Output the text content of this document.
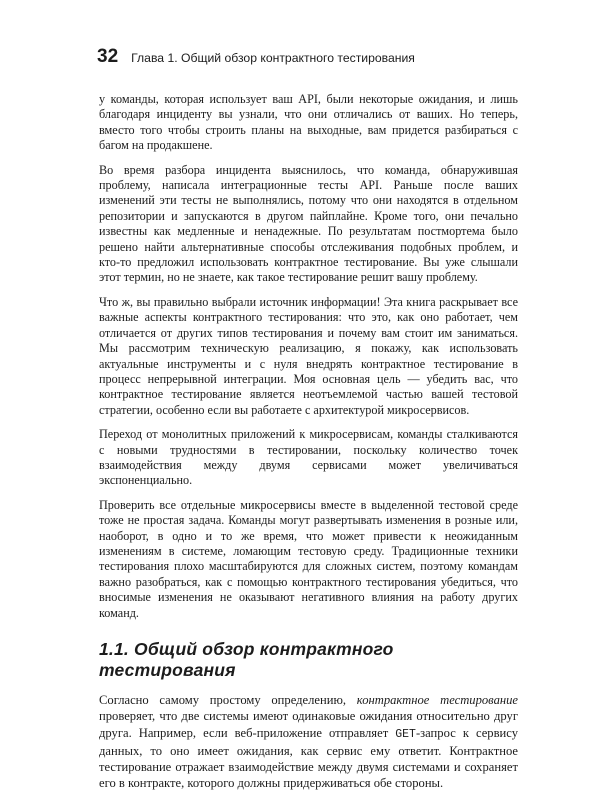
32 Глава 1. Общий обзор контрактного тестирования

у команды, которая использует ваш API, были некоторые ожидания, и лишь благодаря инциденту вы узнали, что они отличались от ваших. Но теперь, вместо того чтобы строить планы на выходные, вам придется разбираться с багом на продакшене.

Во время разбора инцидента выяснилось, что команда, обнаружившая проблему, написала интеграционные тесты API. Раньше после ваших изменений эти тесты не выполнялись, потому что они находятся в отдельном репозитории и запускаются в другом пайплайне. Кроме того, они печально известны как медленные и ненадежные. По результатам постмортема было решено найти альтернативные способы отслеживания подобных проблем, и кто-то предложил использовать контрактное тестирование. Вы уже слышали этот термин, но не знаете, как такое тестирование решит вашу проблему.

Что ж, вы правильно выбрали источник информации! Эта книга раскрывает все важные аспекты контрактного тестирования: что это, как оно работает, чем отличается от других типов тестирования и почему вам стоит им заниматься. Мы рассмотрим техническую реализацию, я покажу, как использовать актуальные инструменты и с нуля внедрять контрактное тестирование в процесс непрерывной интеграции. Моя основная цель — убедить вас, что контрактное тестирование является неотъемлемой частью вашей тестовой стратегии, особенно если вы работаете с архитектурой микросервисов.

Переход от монолитных приложений к микросервисам, команды сталкиваются с новыми трудностями в тестировании, поскольку количество точек взаимодействия между двумя сервисами может увеличиваться экспоненциально.

Проверить все отдельные микросервисы вместе в выделенной тестовой среде тоже не простая задача. Команды могут развертывать изменения в розные или, наоборот, в одно и то же время, что может привести к неожиданным изменениям в системе, ломающим тестовую среду. Традиционные техники тестирования плохо масштабируются для сложных систем, поэтому командам важно разобраться, как с помощью контрактного тестирования убедиться, что вносимые изменения не оказывают негативного влияния на работу других команд.

1.1. Общий обзор контрактного тестирования

Согласно самому простому определению, контрактное тестирование проверяет, что две системы имеют одинаковые ожидания относительно друг друга. Например, если веб-приложение отправляет GET-запрос к сервису данных, то оно имеет ожидания, как сервис ему ответит. Контрактное тестирование отражает взаимодействие между двумя системами и сохраняет его в контракте, которого должны придерживаться обе стороны.
